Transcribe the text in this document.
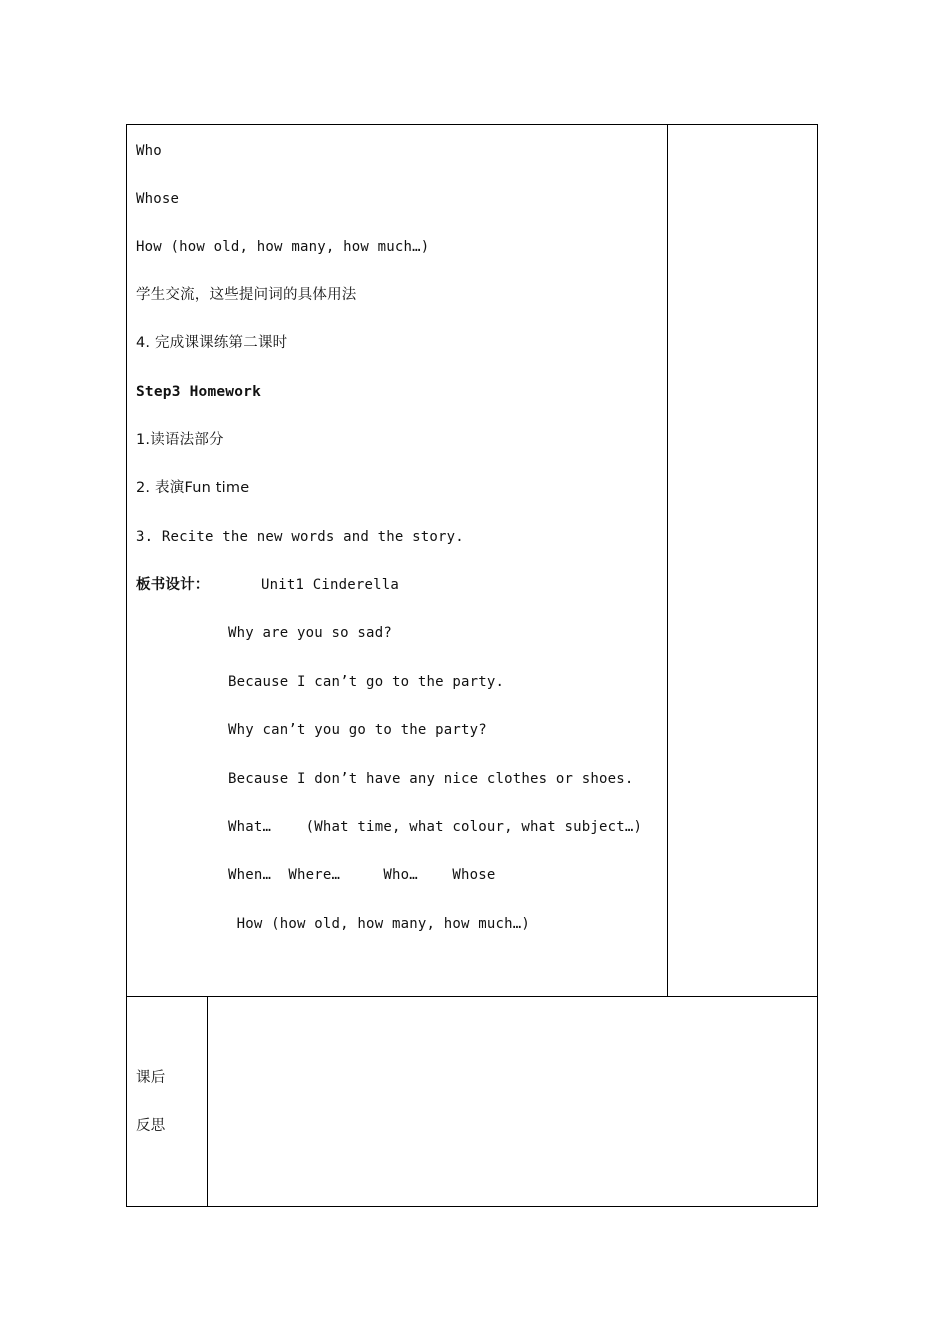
Who
Whose
How (how old, how many, how much…)
学生交流，这些提问词的具体用法
4. 完成课课练第二课时
Step3 Homework
1.读语法部分
2. 表演Fun time
3. Recite the new words and the story.
板书设计：	Unit1 Cinderella
Why are you so sad?
Because I can’t go to the party.
Why can’t you go to the party?
Because I don’t have any nice clothes or shoes.
What…    (What time, what colour, what subject…)
When…  Where…     Who…    Whose
How (how old, how many, how much…)
课后
反思
